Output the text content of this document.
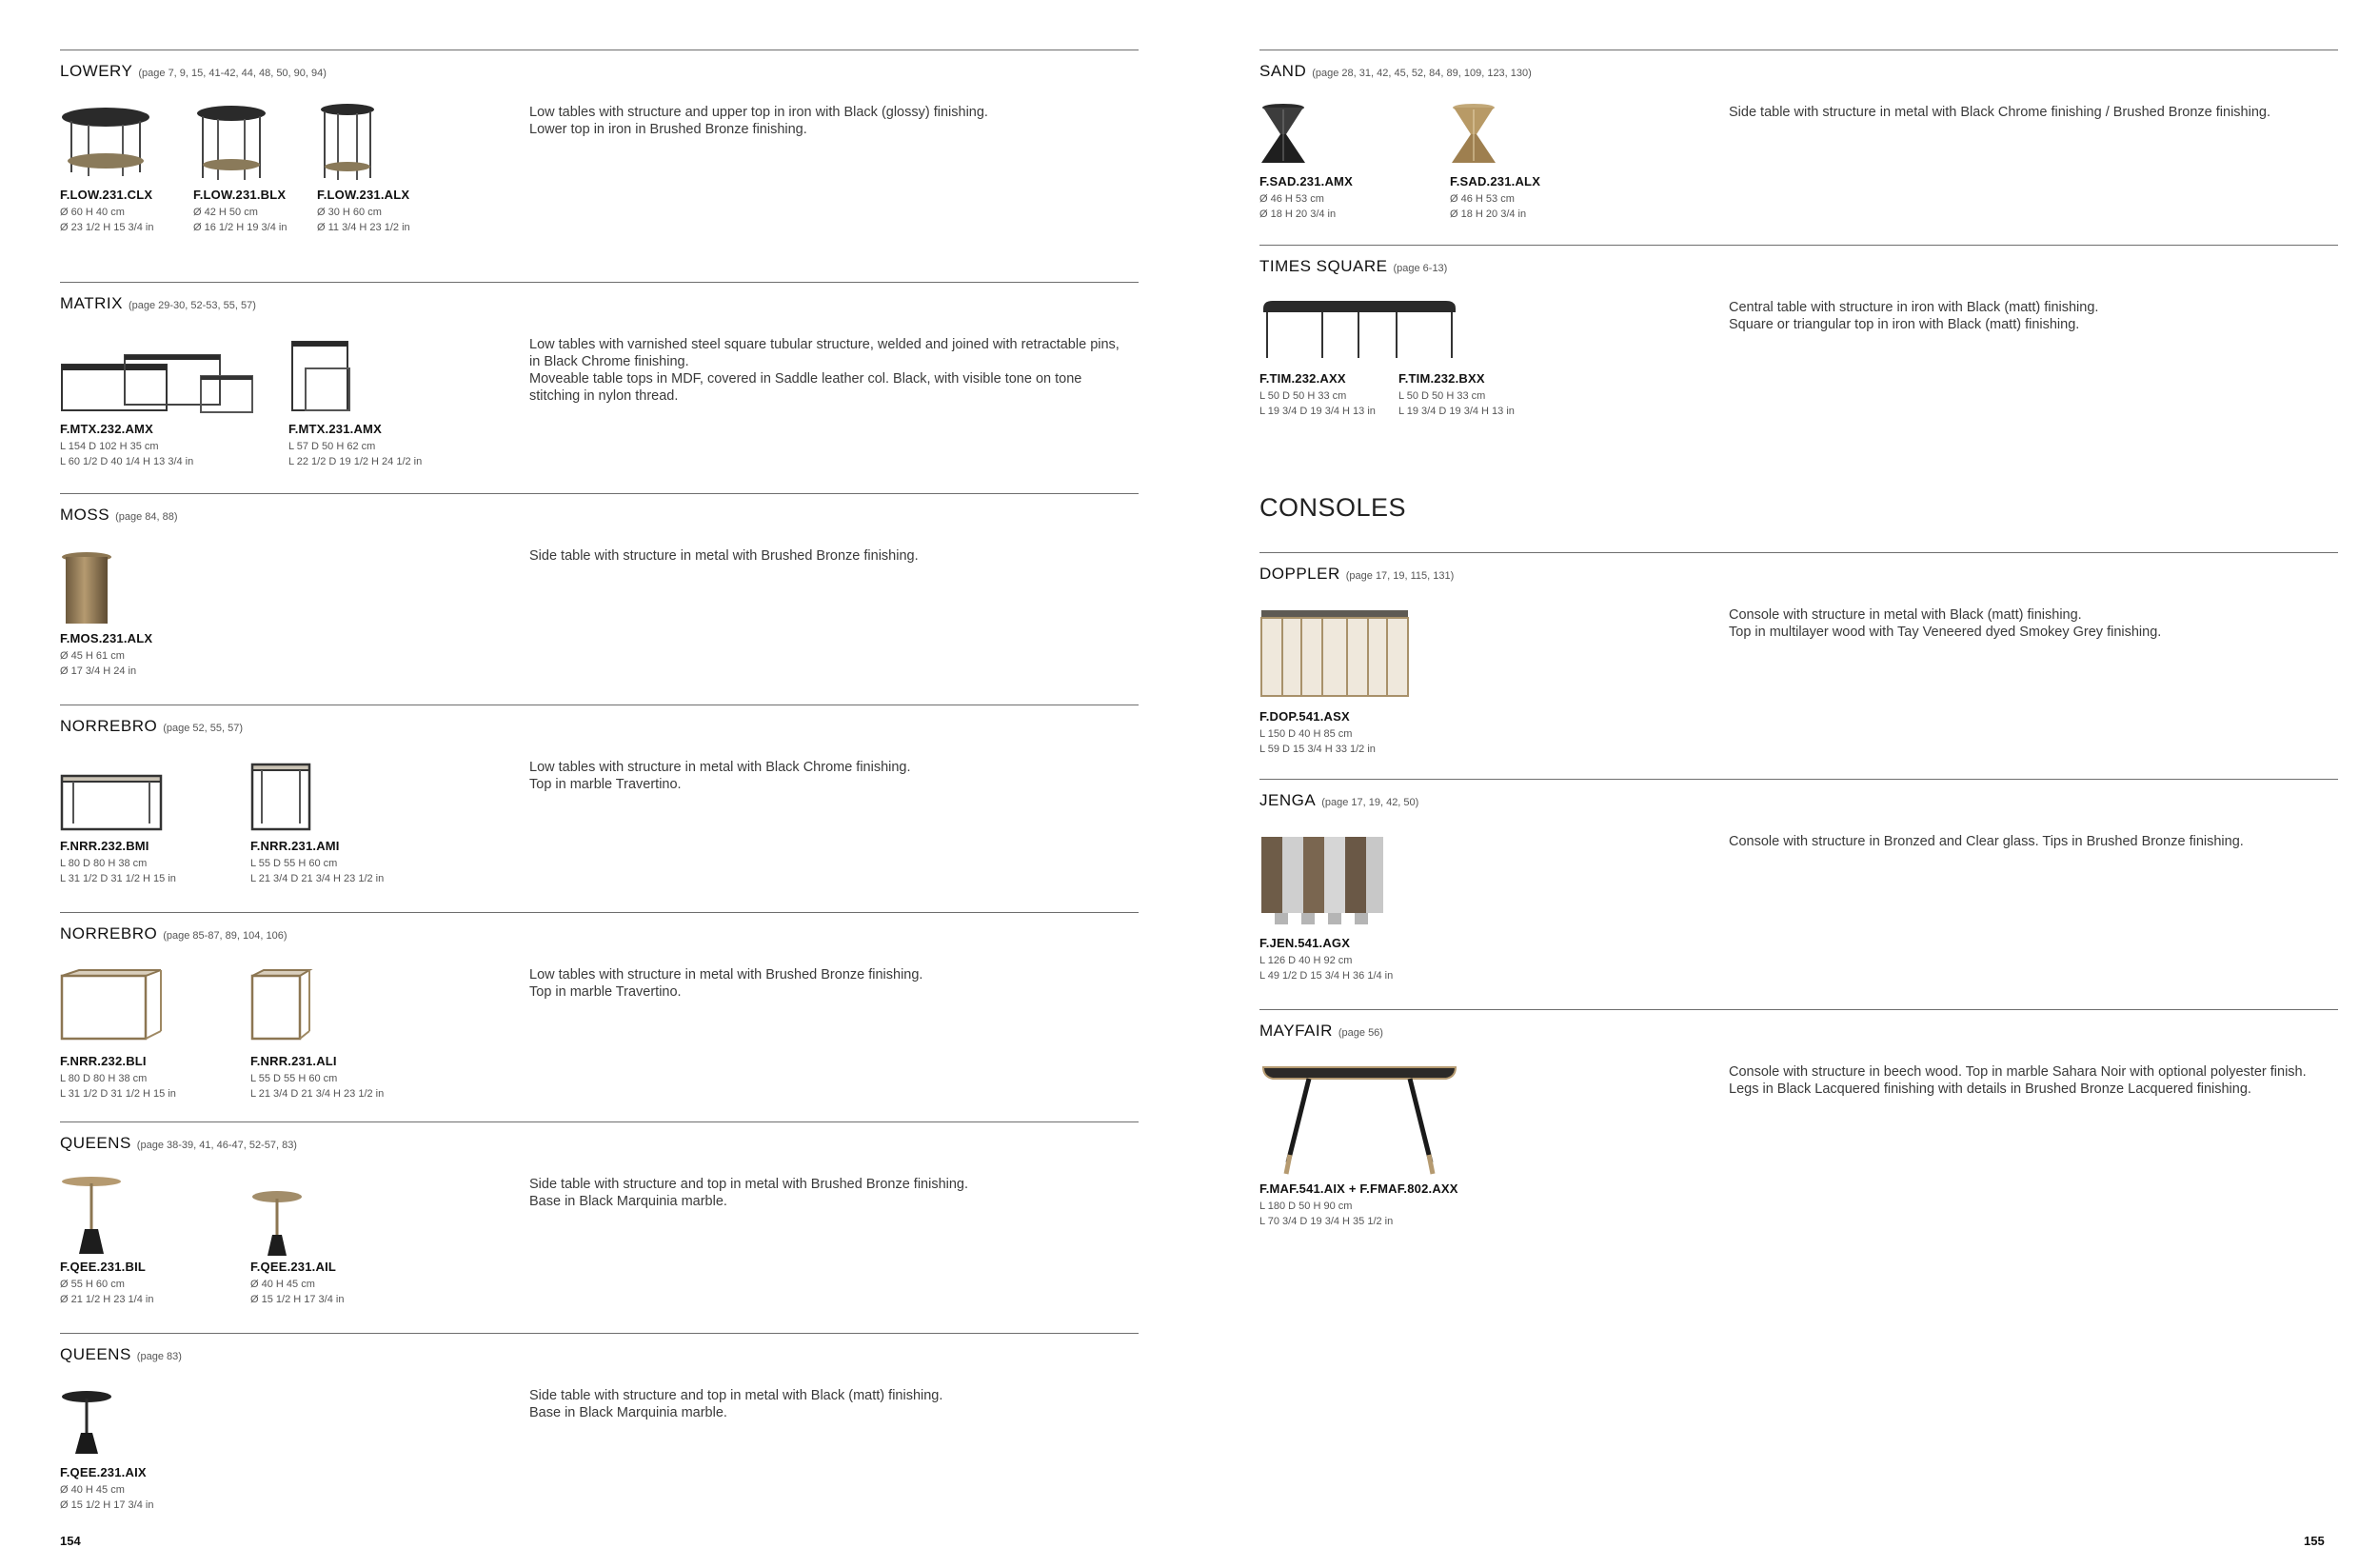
LOWERY (page 7, 9, 15, 41-42, 44, 48, 50, 90, 94)
Low tables with structure and upper top in iron with Black (glossy) finishing.
Lower top in iron in Brushed Bronze finishing.
F.LOW.231.CLX
Ø 60 H 40 cm
Ø 23 1/2 H 15 3/4 in
F.LOW.231.BLX
Ø 42 H 50 cm
Ø 16 1/2 H 19 3/4 in
F.LOW.231.ALX
Ø 30 H 60 cm
Ø 11 3/4 H 23 1/2 in
MATRIX (page 29-30, 52-53, 55, 57)
Low tables with varnished steel square tubular structure, welded and joined with retractable pins, in Black Chrome finishing.
Moveable table tops in MDF, covered in Saddle leather col. Black, with visible tone on tone stitching in nylon thread.
F.MTX.232.AMX
L 154 D 102 H 35 cm
L 60 1/2 D 40 1/4 H 13 3/4 in
F.MTX.231.AMX
L 57 D 50 H 62 cm
L 22 1/2 D 19 1/2 H 24 1/2 in
MOSS (page 84, 88)
Side table with structure in metal with Brushed Bronze finishing.
F.MOS.231.ALX
Ø 45 H 61 cm
Ø 17 3/4 H 24 in
NORREBRO (page 52, 55, 57)
Low tables with structure in metal with Black Chrome finishing.
Top in marble Travertino.
F.NRR.232.BMI
L 80 D 80 H 38 cm
L 31 1/2 D 31 1/2 H 15 in
F.NRR.231.AMI
L 55 D 55 H 60 cm
L 21 3/4 D 21 3/4 H 23 1/2 in
NORREBRO (page 85-87, 89, 104, 106)
Low tables with structure in metal with Brushed Bronze finishing.
Top in marble Travertino.
F.NRR.232.BLI
L 80 D 80 H 38 cm
L 31 1/2 D 31 1/2 H 15 in
F.NRR.231.ALI
L 55 D 55 H 60 cm
L 21 3/4 D 21 3/4 H 23 1/2 in
QUEENS (page 38-39, 41, 46-47, 52-57, 83)
Side table with structure and top in metal with Brushed Bronze finishing.
Base in Black Marquinia marble.
F.QEE.231.BIL
Ø 55 H 60 cm
Ø 21 1/2 H 23 1/4 in
F.QEE.231.AIL
Ø 40 H 45 cm
Ø 15 1/2 H 17 3/4 in
QUEENS (page 83)
Side table with structure and top in metal with Black (matt) finishing.
Base in Black Marquinia marble.
F.QEE.231.AIX
Ø 40 H 45 cm
Ø 15 1/2 H 17 3/4 in
154
SAND (page 28, 31, 42, 45, 52, 84, 89, 109, 123, 130)
Side table with structure in metal with Black Chrome finishing / Brushed Bronze finishing.
F.SAD.231.AMX
Ø 46 H 53 cm
Ø 18 H 20 3/4 in
F.SAD.231.ALX
Ø 46 H 53 cm
Ø 18 H 20 3/4 in
TIMES SQUARE (page 6-13)
Central table with structure in iron with Black (matt) finishing.
Square or triangular top in iron with Black (matt) finishing.
F.TIM.232.AXX
L 50 D 50 H 33 cm
L 19 3/4 D 19 3/4 H 13 in
F.TIM.232.BXX
L 50 D 50 H 33 cm
L 19 3/4 D 19 3/4 H 13 in
CONSOLES
DOPPLER (page 17, 19, 115, 131)
Console with structure in metal with Black (matt) finishing.
Top in multilayer wood with Tay Veneered dyed Smokey Grey finishing.
F.DOP.541.ASX
L 150 D 40 H 85 cm
L 59 D 15 3/4 H 33 1/2 in
JENGA (page 17, 19, 42, 50)
Console with structure in Bronzed and Clear glass. Tips in Brushed Bronze finishing.
F.JEN.541.AGX
L 126 D 40 H 92 cm
L 49 1/2 D 15 3/4 H 36 1/4 in
MAYFAIR (page 56)
Console with structure in beech wood. Top in marble Sahara Noir with optional polyester finish. Legs in Black Lacquered finishing with details in Brushed Bronze Lacquered finishing.
F.MAF.541.AIX + F.FMAF.802.AXX
L 180 D 50 H 90 cm
L 70 3/4 D 19 3/4 H 35 1/2 in
155
